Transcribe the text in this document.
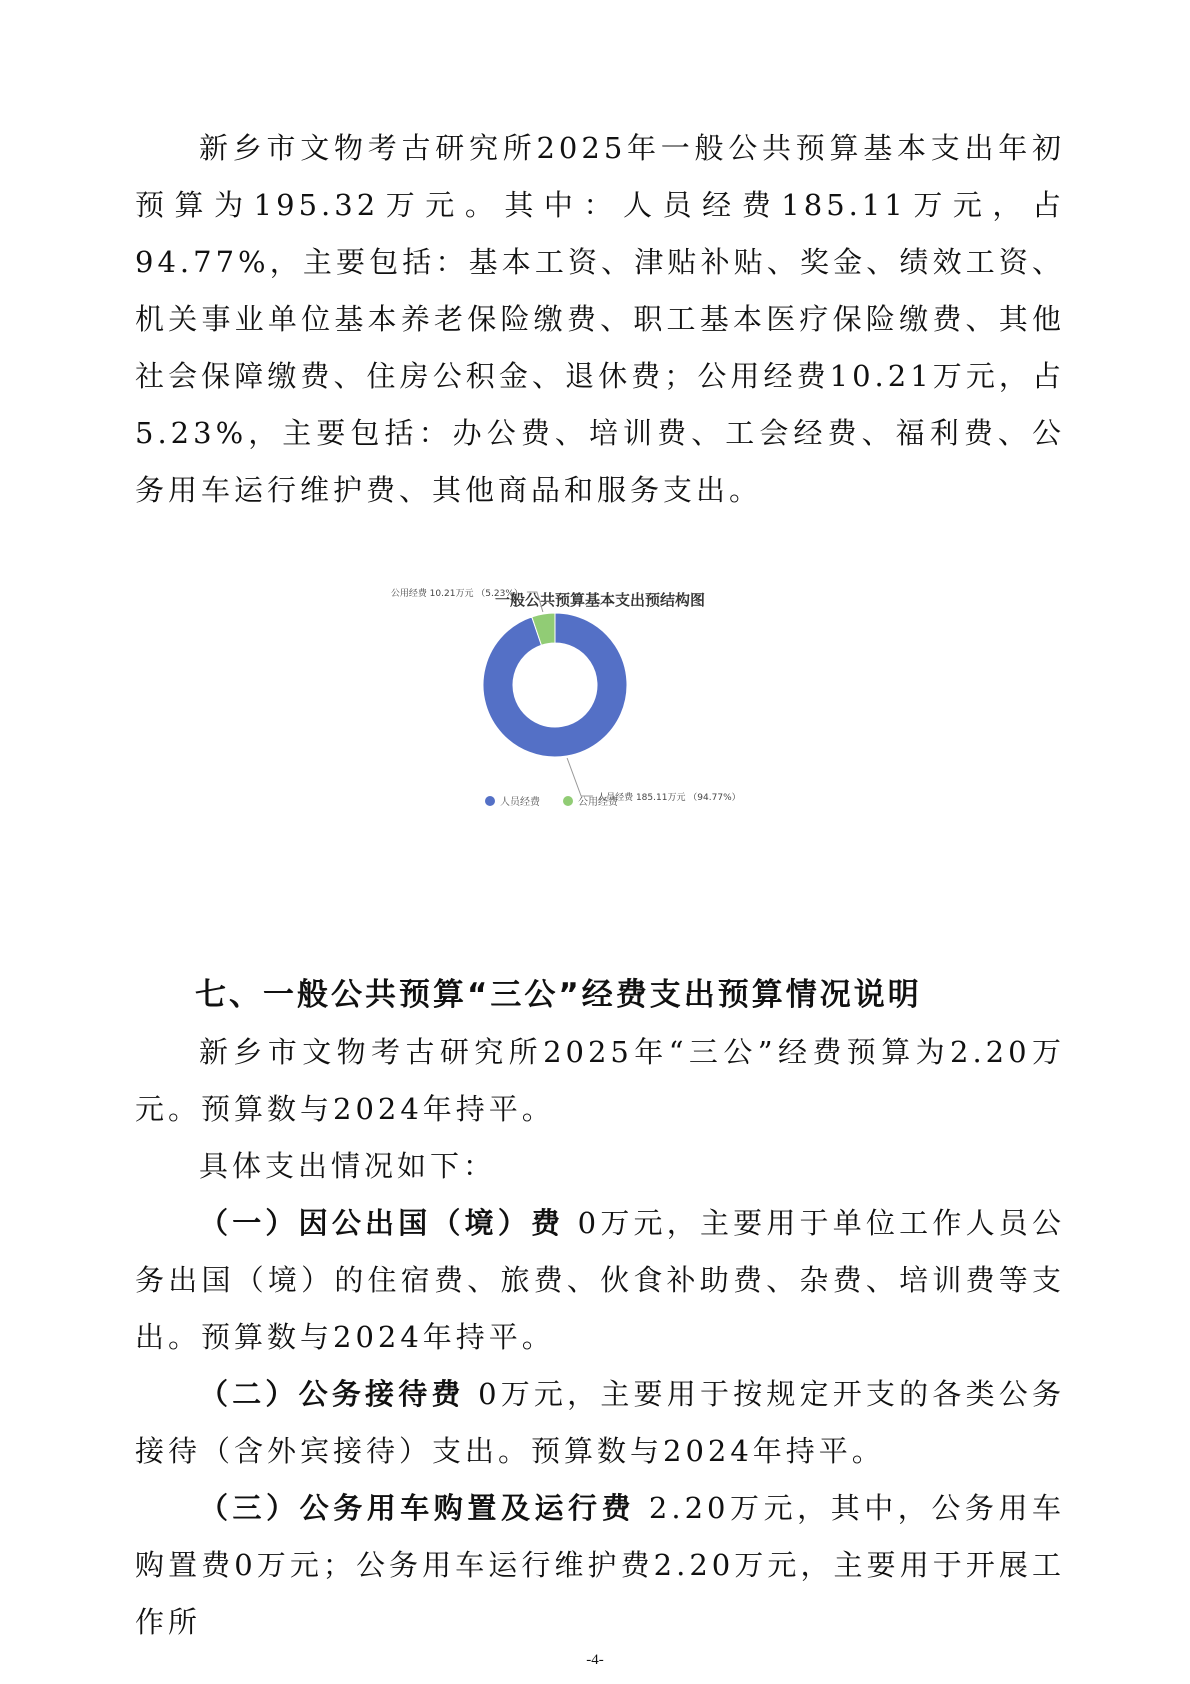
新乡市文物考古研究所2025年一般公共预算基本支出年初预算为195.32万元。其中：人员经费185.11万元，占94.77%，主要包括：基本工资、津贴补贴、奖金、绩效工资、机关事业单位基本养老保险缴费、职工基本医疗保险缴费、其他社会保障缴费、住房公积金、退休费；公用经费10.21万元，占5.23%，主要包括：办公费、培训费、工会经费、福利费、公务用车运行维护费、其他商品和服务支出。

一般公共预算基本支出预结构图
人员经费 185.11万元 （94.77%）
公用经费 10.21万元 （5.23%）
人员经费	公用经费

七、一般公共预算“三公”经费支出预算情况说明

新乡市文物考古研究所2025年“三公”经费预算为2.20万元。预算数与2024年持平。

具体支出情况如下：

（一）因公出国（境）费 0万元，主要用于单位工作人员公务出国（境）的住宿费、旅费、伙食补助费、杂费、培训费等支出。预算数与2024年持平。

（二）公务接待费 0万元，主要用于按规定开支的各类公务接待（含外宾接待）支出。预算数与2024年持平。

（三）公务用车购置及运行费 2.20万元，其中，公务用车购置费0万元；公务用车运行维护费2.20万元，主要用于开展工作所

-4-
